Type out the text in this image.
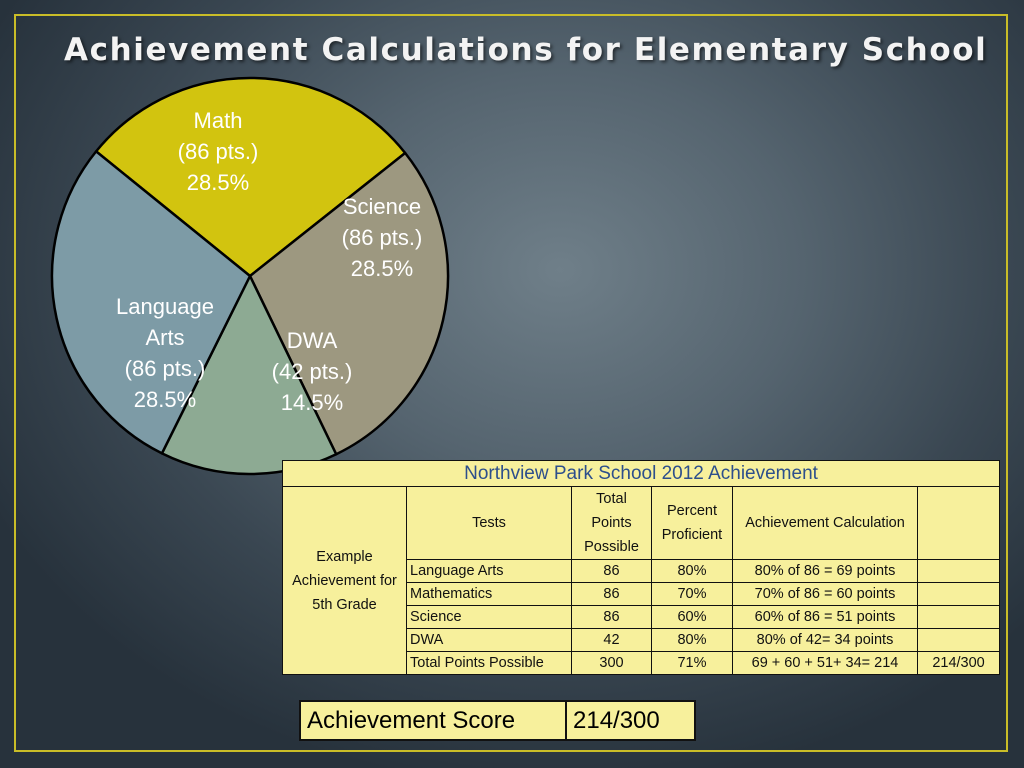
Achievement Calculations for Elementary School
Math (86 pts.) 28.5%
Science (86 pts.) 28.5%
DWA (42 pts.) 14.5%
Language Arts (86 pts.) 28.5%
Northview Park School 2012 Achievement					
Example Achievement for 5th Grade	Tests	Total Points Possible	Percent Proficient	Achievement Calculation	
	Language Arts	86	80%	80% of 86 = 69 points	
	Mathematics	86	70%	70% of 86 = 60 points	
	Science	86	60%	60% of 86 = 51 points	
	DWA	42	80%	80% of 42= 34 points	
	Total Points Possible	300	71%	69 + 60 + 51+ 34= 214	214/300
Achievement Score	214/300
